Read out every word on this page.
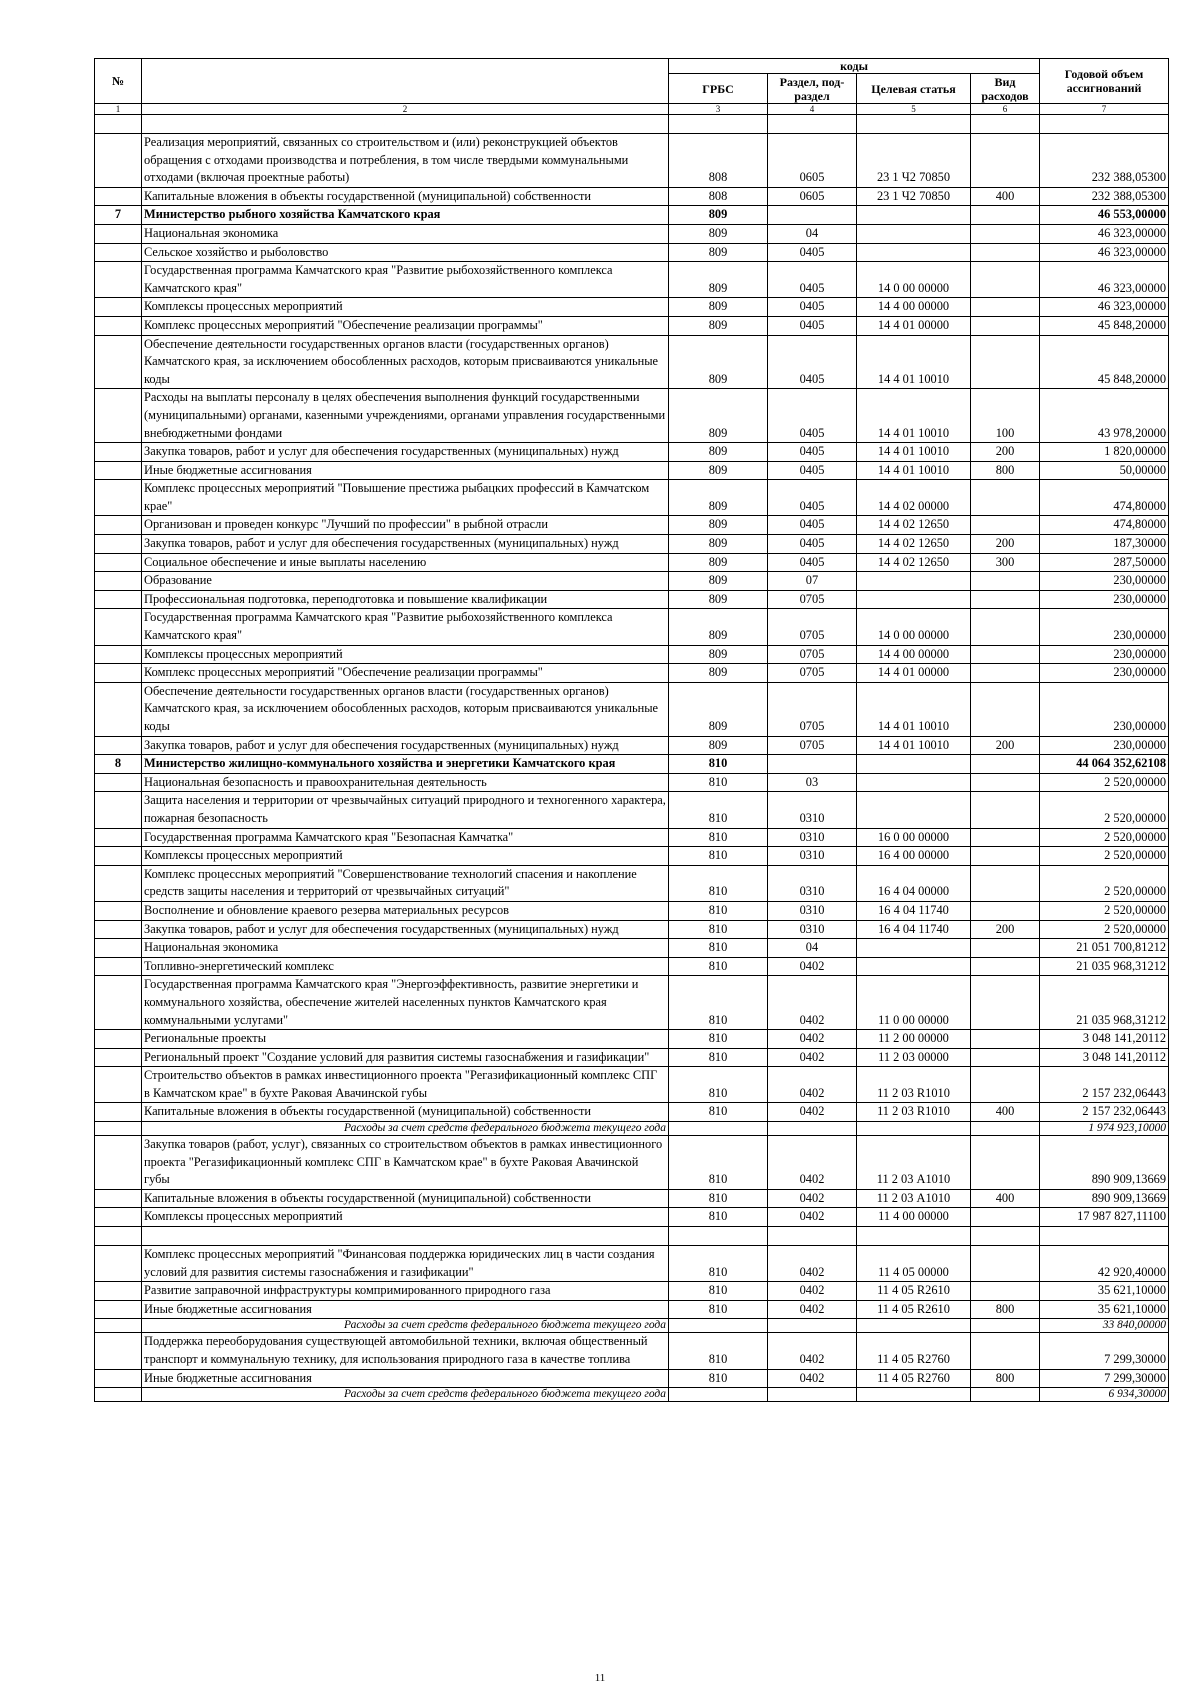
№		коды				Годовой объем ассигнований
		ГРБС	Раздел, под-раздел	Целевая статья	Вид расходов	
1	2	3	4	5	6	7

	Реализация мероприятий, связанных со строительством и (или) реконструкцией объектов обращения с отходами производства и потребления, в том числе твердыми коммунальными отходами (включая проектные работы)	808	0605	23 1 Ч2 70850		232 388,05300
	Капитальные вложения в объекты государственной (муниципальной) собственности	808	0605	23 1 Ч2 70850	400	232 388,05300
7	Министерство рыбного хозяйства Камчатского края	809				46 553,00000
	Национальная экономика	809	04			46 323,00000
	Сельское хозяйство и рыболовство	809	0405			46 323,00000
	Государственная программа Камчатского края "Развитие рыбохозяйственного комплекса Камчатского края"	809	0405	14 0 00 00000		46 323,00000
	Комплексы процессных мероприятий	809	0405	14 4 00 00000		46 323,00000
	Комплекс процессных мероприятий "Обеспечение реализации программы"	809	0405	14 4 01 00000		45 848,20000
	Обеспечение деятельности государственных органов власти (государственных органов) Камчатского края, за исключением обособленных расходов, которым присваиваются уникальные коды	809	0405	14 4 01 10010		45 848,20000
	Расходы на выплаты персоналу в целях обеспечения выполнения функций государственными (муниципальными) органами, казенными учреждениями, органами управления государственными внебюджетными фондами	809	0405	14 4 01 10010	100	43 978,20000
	Закупка товаров, работ и услуг для обеспечения государственных (муниципальных) нужд	809	0405	14 4 01 10010	200	1 820,00000
	Иные бюджетные ассигнования	809	0405	14 4 01 10010	800	50,00000
	Комплекс процессных мероприятий "Повышение престижа рыбацких профессий в Камчатском крае"	809	0405	14 4 02 00000		474,80000
	Организован и проведен конкурс "Лучший по профессии" в рыбной отрасли	809	0405	14 4 02 12650		474,80000
	Закупка товаров, работ и услуг для обеспечения государственных (муниципальных) нужд	809	0405	14 4 02 12650	200	187,30000
	Социальное обеспечение и иные выплаты населению	809	0405	14 4 02 12650	300	287,50000
	Образование	809	07			230,00000
	Профессиональная подготовка, переподготовка и повышение квалификации	809	0705			230,00000
	Государственная программа Камчатского края "Развитие рыбохозяйственного комплекса Камчатского края"	809	0705	14 0 00 00000		230,00000
	Комплексы процессных мероприятий	809	0705	14 4 00 00000		230,00000
	Комплекс процессных мероприятий "Обеспечение реализации программы"	809	0705	14 4 01 00000		230,00000
	Обеспечение деятельности государственных органов власти (государственных органов) Камчатского края, за исключением обособленных расходов, которым присваиваются уникальные коды	809	0705	14 4 01 10010		230,00000
	Закупка товаров, работ и услуг для обеспечения государственных (муниципальных) нужд	809	0705	14 4 01 10010	200	230,00000
8	Министерство жилищно-коммунального хозяйства и энергетики Камчатского края	810				44 064 352,62108
	Национальная безопасность и правоохранительная деятельность	810	03			2 520,00000
	Защита населения и территории от чрезвычайных ситуаций природного и техногенного характера, пожарная безопасность	810	0310			2 520,00000
	Государственная программа Камчатского края "Безопасная Камчатка"	810	0310	16 0 00 00000		2 520,00000
	Комплексы процессных мероприятий	810	0310	16 4 00 00000		2 520,00000
	Комплекс процессных мероприятий "Совершенствование технологий спасения и накопление средств защиты населения и территорий от чрезвычайных ситуаций"	810	0310	16 4 04 00000		2 520,00000
	Восполнение и обновление краевого резерва материальных ресурсов	810	0310	16 4 04 11740		2 520,00000
	Закупка товаров, работ и услуг для обеспечения государственных (муниципальных) нужд	810	0310	16 4 04 11740	200	2 520,00000
	Национальная экономика	810	04			21 051 700,81212
	Топливно-энергетический комплекс	810	0402			21 035 968,31212
	Государственная программа Камчатского края "Энергоэффективность, развитие энергетики и коммунального хозяйства, обеспечение жителей населенных пунктов Камчатского края коммунальными услугами"	810	0402	11 0 00 00000		21 035 968,31212
	Региональные проекты	810	0402	11 2 00 00000		3 048 141,20112
	Региональный проект "Создание условий для развития системы газоснабжения и газификации"	810	0402	11 2 03 00000		3 048 141,20112
	Строительство объектов в рамках инвестиционного проекта "Регазификационный комплекс СПГ в Камчатском крае" в бухте Раковая Авачинской губы	810	0402	11 2 03 R1010		2 157 232,06443
	Капитальные вложения в объекты государственной (муниципальной) собственности	810	0402	11 2 03 R1010	400	2 157 232,06443
	Расходы за счет средств федерального бюджета текущего года					1 974 923,10000
	Закупка товаров (работ, услуг), связанных со строительством объектов в рамках инвестиционного проекта "Регазификационный комплекс СПГ в Камчатском крае" в бухте Раковая Авачинской губы	810	0402	11 2 03 А1010		890 909,13669
	Капитальные вложения в объекты государственной (муниципальной) собственности	810	0402	11 2 03 А1010	400	890 909,13669
	Комплексы процессных мероприятий	810	0402	11 4 00 00000		17 987 827,11100

	Комплекс процессных мероприятий "Финансовая поддержка юридических лиц в части создания условий для развития системы газоснабжения и газификации"	810	0402	11 4 05 00000		42 920,40000
	Развитие заправочной инфраструктуры компримированного природного газа	810	0402	11 4 05 R2610		35 621,10000
	Иные бюджетные ассигнования	810	0402	11 4 05 R2610	800	35 621,10000
	Расходы за счет средств федерального бюджета текущего года					33 840,00000
	Поддержка переоборудования существующей автомобильной техники, включая общественный транспорт и коммунальную технику, для использования природного газа в качестве топлива	810	0402	11 4 05 R2760		7 299,30000
	Иные бюджетные ассигнования	810	0402	11 4 05 R2760	800	7 299,30000
	Расходы за счет средств федерального бюджета текущего года					6 934,30000
11
